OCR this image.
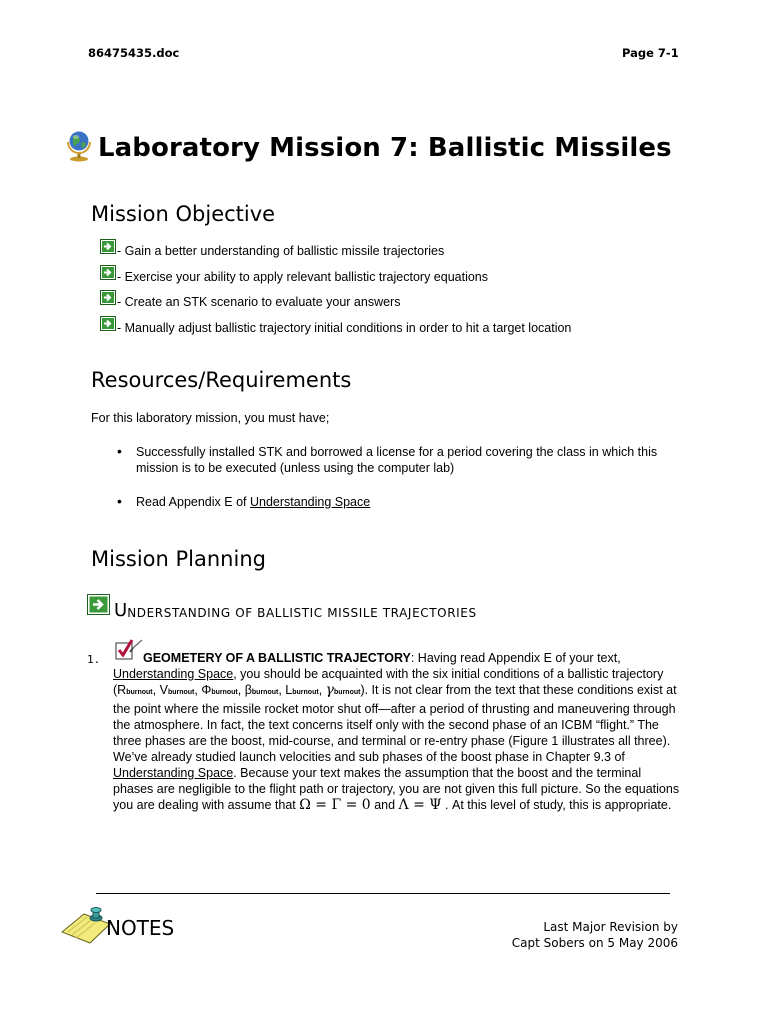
86475435.doc	Page 7-1
Laboratory Mission 7: Ballistic Missiles
Mission Objective
- Gain a better understanding of ballistic missile trajectories
- Exercise your ability to apply relevant ballistic trajectory equations
- Create an STK scenario to evaluate your answers
- Manually adjust ballistic trajectory initial conditions in order to hit a target location
Resources/Requirements
For this laboratory mission, you must have;
• Successfully installed STK and borrowed a license for a period covering the class in which this mission is to be executed (unless using the computer lab)
• Read Appendix E of Understanding Space
Mission Planning
U NDERSTANDING OF BALLISTIC MISSILE TRAJECTORIES
1.	GEOMETERY OF A BALLISTIC TRAJECTORY: Having read Appendix E of your text, Understanding Space, you should be acquainted with the six initial conditions of a ballistic trajectory (Rburnout, Vburnout, Φburnout, βburnout, Lburnout, γburnout). It is not clear from the text that these conditions exist at the point where the missile rocket motor shut off—after a period of thrusting and maneuvering through the atmosphere. In fact, the text concerns itself only with the second phase of an ICBM “flight.” The three phases are the boost, mid-course, and terminal or re-entry phase (Figure 1 illustrates all three). We’ve already studied launch velocities and sub phases of the boost phase in Chapter 9.3 of Understanding Space. Because your text makes the assumption that the boost and the terminal phases are negligible to the flight path or trajectory, you are not given this full picture. So the equations you are dealing with assume that Ω = Γ = 0 and Λ = Ψ . At this level of study, this is appropriate.
NOTES	Last Major Revision by
Capt Sobers on 5 May 2006
